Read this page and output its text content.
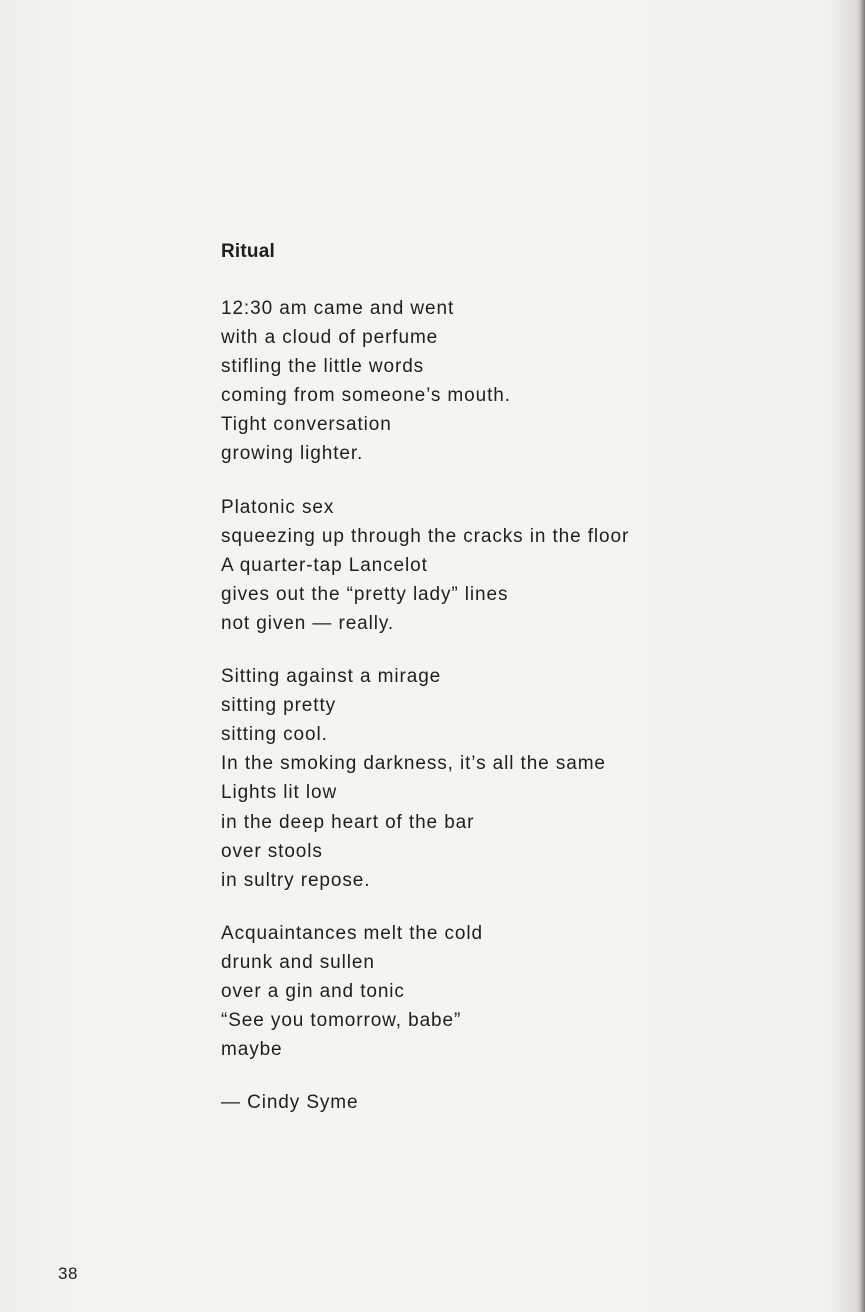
Ritual
12:30 am came and went
with a cloud of perfume
stifling the little words
coming from someone’s mouth.
Tight conversation
growing lighter.
Platonic sex
squeezing up through the cracks in the floor
A quarter-tap Lancelot
gives out the “pretty lady” lines
not given — really.
Sitting against a mirage
sitting pretty
sitting cool.
In the smoking darkness, it’s all the same
Lights lit low
in the deep heart of the bar
over stools
in sultry repose.
Acquaintances melt the cold
drunk and sullen
over a gin and tonic
“See you tomorrow, babe”
maybe
— Cindy Syme
38
